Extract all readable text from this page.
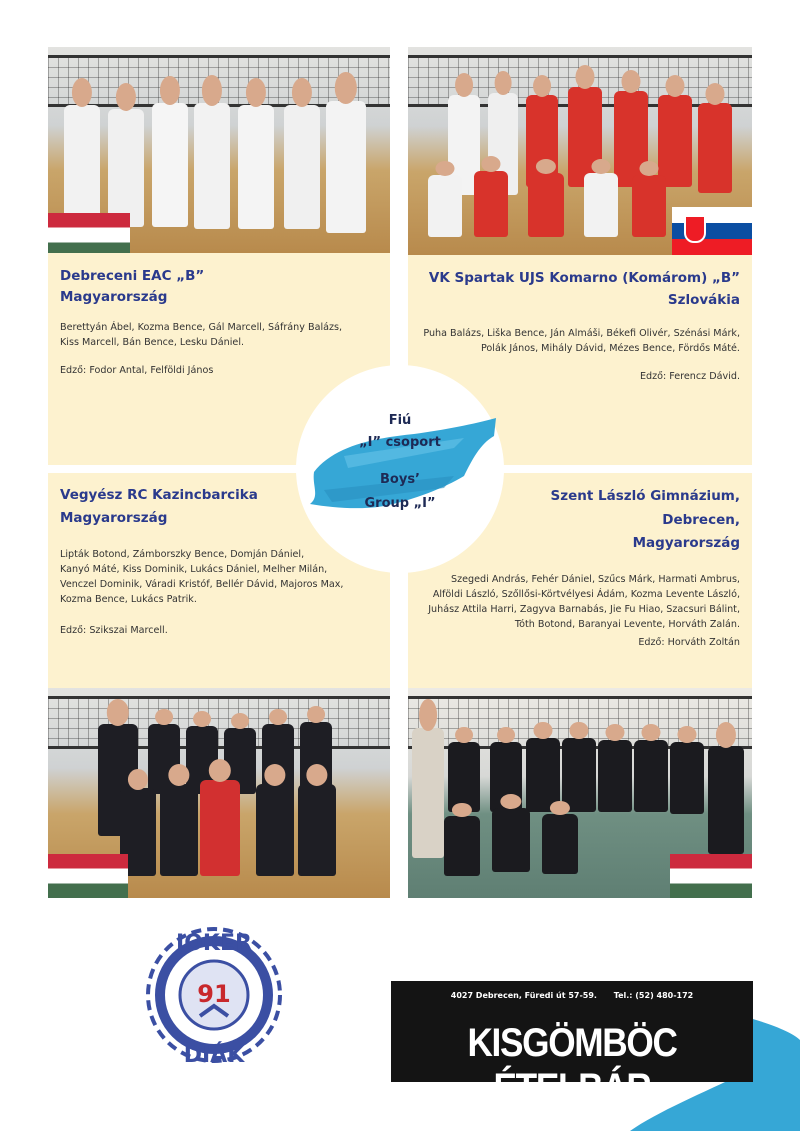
Debreceni EAC „B”

Magyarország

Berettyán Ábel, Kozma Bence, Gál Marcell, Sáfrány Balázs,

Kiss Marcell, Bán Bence, Lesku Dániel.

Edző: Fodor Antal, Felföldi János

VK Spartak UJS Komarno (Komárom) „B”

Szlovákia

Puha Balázs, Liška Bence, Ján Almáši, Békefi Olivér, Szénási Márk,

Polák János, Mihály Dávid, Mézes Bence, Fördős Máté.

Edző: Ferencz Dávid.

Vegyész RC Kazincbarcika

Magyarország

Lipták Botond, Zámborszky Bence, Domján Dániel,

Kanyó Máté, Kiss Dominik, Lukács Dániel, Melher Milán,

Venczel Dominik, Váradi Kristóf, Bellér Dávid, Majoros Max,

Kozma Bence, Lukács Patrik.

Edző: Szikszai Marcell.

Szent László Gimnázium,

Debrecen,

Magyarország

Szegedi András, Fehér Dániel, Szűcs Márk, Harmati Ambrus,

Alföldi László, Szőllősi-Körtvélyesi Ádám, Kozma Levente László,

Juhász Attila Harri, Zagyva Barnabás, Jie Fu Hiao, Szacsuri Bálint,

Tóth Botond, Baranyai Levente, Horváth Zalán.

Edző: Horváth Zoltán

Fiú
„I” csoport
Boys’
Group „I”
JOKER
DIÁK
91	4027 Debrecen, Füredi út 57-59. Tel.: (52) 480-172
KISGÖMBÖC ÉTELBÁR
